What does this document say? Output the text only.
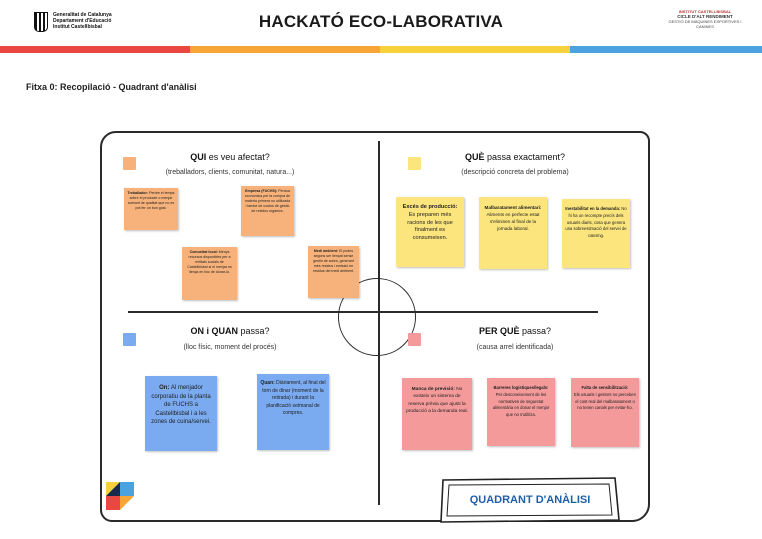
Generalitat de Catalunya
Departament d'Educació
Institut Castellbisbal	HACKATÓ ECO-LABORATIVA
INSTITUT CASTELLBISBAL
CICLE D'ALT RENDIMENT
GESTIÓ DE MÀQUINES ESPORTIVES I CANINES
Fitxa 0: Recopilació - Quadrant d'anàlisi
QUI es veu afectat?
(treballadors, clients, comunitat, natura...)
Treballador: Perdre el temps sobre el producte o menjar sobrant de qualitat que no es pot fer un bon gust.
Empresa (FUCHS): Pèrdua econòmica per la compra de matèria primera no utilitzada i també de costos de gestió de residus orgànics.
Comunitat local: Menys recursos disponibles per a entitats socials de Castellbisbal si el menjar es llença en lloc de donar-lo.
Medi ambient: El podes segons ser llençat sense gestió de sobra, generant més residus i emissió en residus del medi ambient.
QUÈ passa exactament?
(descripció concreta del problema)
Excés de producció: Es preparen més racions de les que finalment es consumeixen.
Malbaratament alimentari:
Aliments en perfecte estat s'eliminen al final de la jornada laboral.
Inestabilitat en la demanda: No hi ha un recompte precís dels usuaris diaris, cosa que genera una sobreestimació del servei de catering.
ON i QUAN passa?
(lloc físic, moment del procés)
On: Al menjador corporatiu de la planta de FUCHS a Castellbisbal i a les zones de cuina/servei.
Quan: Diàriament, al final del torn de dinar (moment de la retirada) i durant la planificació setmanal de compres.
PER QUÈ passa?
(causa arrel identificada)
Manca de previsió: No existeix un sistema de reserva prèvia que ajusti la producció a la demanda real.
Barreres logístiques/legals:
Per desconeixement de les normatives de seguretat alimentària en donar el menjar que no s'utilitza.
Falta de sensibilització:
Els usuaris i gestors no perceben el cost real del malbaratament o no tenen canals per evitar-ho.
QUADRANT D'ANÀLISI
